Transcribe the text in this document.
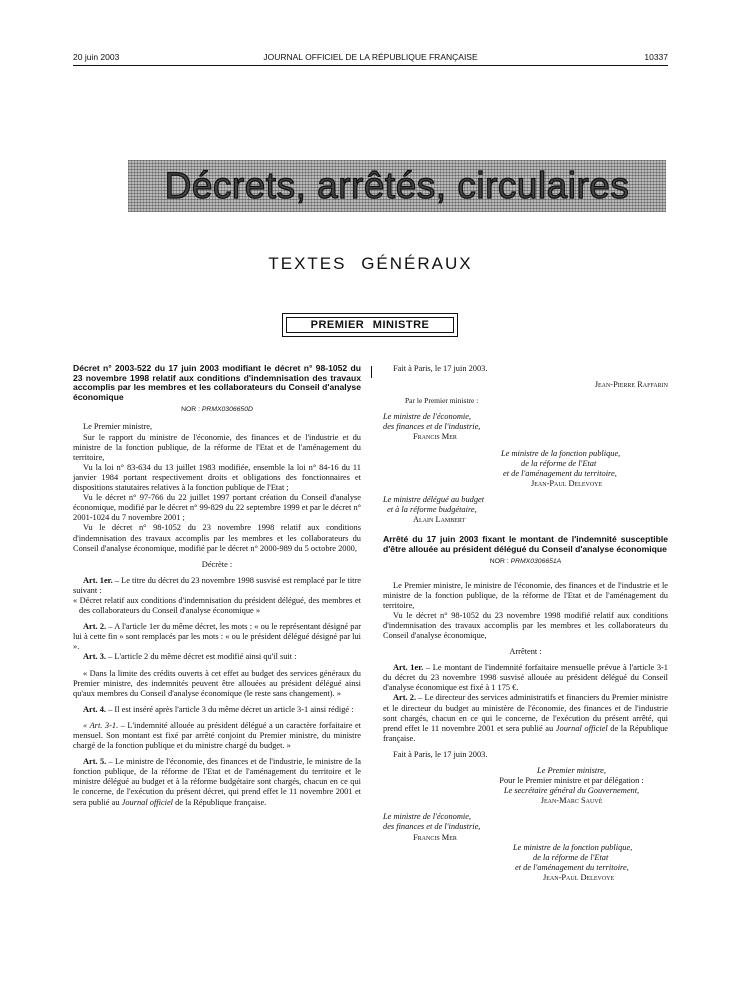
20 juin 2003	JOURNAL OFFICIEL DE LA RÉPUBLIQUE FRANÇAISE	10337
Décrets, arrêtés, circulaires
TEXTES GÉNÉRAUX
PREMIER MINISTRE

Décret n° 2003-522 du 17 juin 2003 modifiant le décret n° 98-1052 du 23 novembre 1998 relatif aux conditions d'indemnisation des travaux accomplis par les membres et les collaborateurs du Conseil d'analyse économique

NOR : PRMX0306650D

Le Premier ministre,

Sur le rapport du ministre de l'économie, des finances et de l'industrie et du ministre de la fonction publique, de la réforme de l'Etat et de l'aménagement du territoire,

Vu la loi n° 83-634 du 13 juillet 1983 modifiée, ensemble la loi n° 84-16 du 11 janvier 1984 portant respectivement droits et obligations des fonctionnaires et dispositions statutaires relatives à la fonction publique de l'Etat ;

Vu le décret n° 97-766 du 22 juillet 1997 portant création du Conseil d'analyse économique, modifié par le décret n° 99-829 du 22 septembre 1999 et par le décret n° 2001-1024 du 7 novembre 2001 ;

Vu le décret n° 98-1052 du 23 novembre 1998 relatif aux conditions d'indemnisation des travaux accomplis par les membres et les collaborateurs du Conseil d'analyse économique, modifié par le décret n° 2000-989 du 5 octobre 2000,

Décrète :

Art. 1er. – Le titre du décret du 23 novembre 1998 susvisé est remplacé par le titre suivant :

« Décret relatif aux conditions d'indemnisation du président délégué, des membres et des collaborateurs du Conseil d'analyse économique »

Art. 2. – A l'article 1er du même décret, les mots : « ou le représentant désigné par lui à cette fin » sont remplacés par les mots : « ou le président délégué désigné par lui ».

Art. 3. – L'article 2 du même décret est modifié ainsi qu'il suit :

« Dans la limite des crédits ouverts à cet effet au budget des services généraux du Premier ministre, des indemnités peuvent être allouées au président délégué ainsi qu'aux membres du Conseil d'analyse économique (le reste sans changement). »

Art. 4. – Il est inséré après l'article 3 du même décret un article 3-1 ainsi rédigé :

« Art. 3-1. – L'indemnité allouée au président délégué a un caractère forfaitaire et mensuel. Son montant est fixé par arrêté conjoint du Premier ministre, du ministre chargé de la fonction publique et du ministre chargé du budget. »

Art. 5. – Le ministre de l'économie, des finances et de l'industrie, le ministre de la fonction publique, de la réforme de l'Etat et de l'aménagement du territoire et le ministre délégué au budget et à la réforme budgétaire sont chargés, chacun en ce qui le concerne, de l'exécution du présent décret, qui prend effet le 11 novembre 2001 et sera publié au Journal officiel de la République française.

Fait à Paris, le 17 juin 2003.

Jean-Pierre Raffarin

Par le Premier ministre :

Le ministre de l'économie,

des finances et de l'industrie,

Francis Mer

Le ministre de la fonction publique,

de la réforme de l'Etat

et de l'aménagement du territoire,

Jean-Paul Delevoye

Le ministre délégué au budget

et à la réforme budgétaire,

Alain Lambert

Arrêté du 17 juin 2003 fixant le montant de l'indemnité susceptible d'être allouée au président délégué du Conseil d'analyse économique

NOR : PRMX0306651A

Le Premier ministre, le ministre de l'économie, des finances et de l'industrie et le ministre de la fonction publique, de la réforme de l'Etat et de l'aménagement du territoire,

Vu le décret n° 98-1052 du 23 novembre 1998 modifié relatif aux conditions d'indemnisation des travaux accomplis par les membres et les collaborateurs du Conseil d'analyse économique,

Arrêtent :

Art. 1er. – Le montant de l'indemnité forfaitaire mensuelle prévue à l'article 3-1 du décret du 23 novembre 1998 susvisé allouée au président délégué du Conseil d'analyse économique est fixé à 1 175 €.

Art. 2. – Le directeur des services administratifs et financiers du Premier ministre et le directeur du budget au ministère de l'économie, des finances et de l'industrie sont chargés, chacun en ce qui le concerne, de l'exécution du présent arrêté, qui prend effet le 11 novembre 2001 et sera publié au Journal officiel de la République française.

Fait à Paris, le 17 juin 2003.

Le Premier ministre,

Pour le Premier ministre et par délégation :

Le secrétaire général du Gouvernement,

Jean-Marc Sauvé

Le ministre de l'économie,

des finances et de l'industrie,

Francis Mer

Le ministre de la fonction publique,

de la réforme de l'Etat

et de l'aménagement du territoire,

Jean-Paul Delevoye
